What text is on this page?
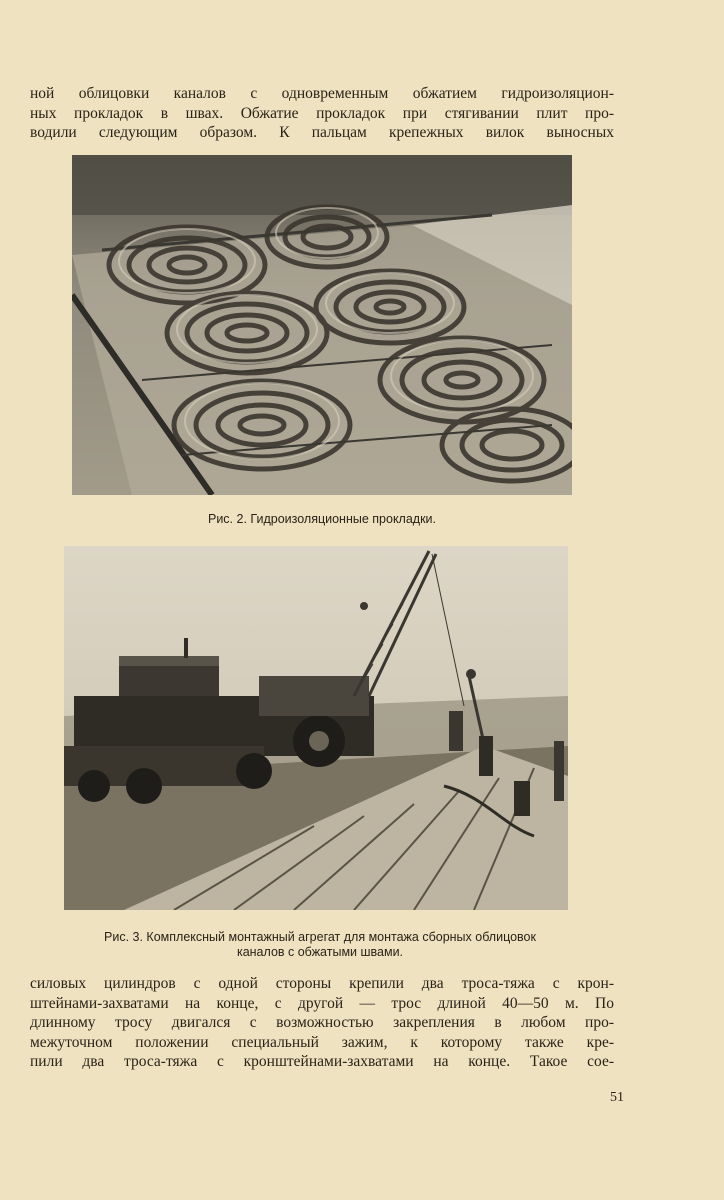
ной облицовки каналов с одновременным обжатием гидроизоляцион-
ных прокладок в швах. Обжатие прокладок при стягивании плит про-
водили следующим образом. К пальцам крепежных вилок выносных

Рис. 2. Гидроизоляционные прокладки.

Рис. 3. Комплексный монтажный агрегат для монтажа сборных облицовок
каналов с обжатыми швами.
силовых цилиндров с одной стороны крепили два троса-тяжа с крон-
штейнами-захватами на конце, с другой — трос длиной 40—50 м. По
длинному тросу двигался с возможностью закрепления в любом про-
межуточном положении специальный зажим, к которому также кре-
пили два троса-тяжа с кронштейнами-захватами на конце. Такое сое-
51
